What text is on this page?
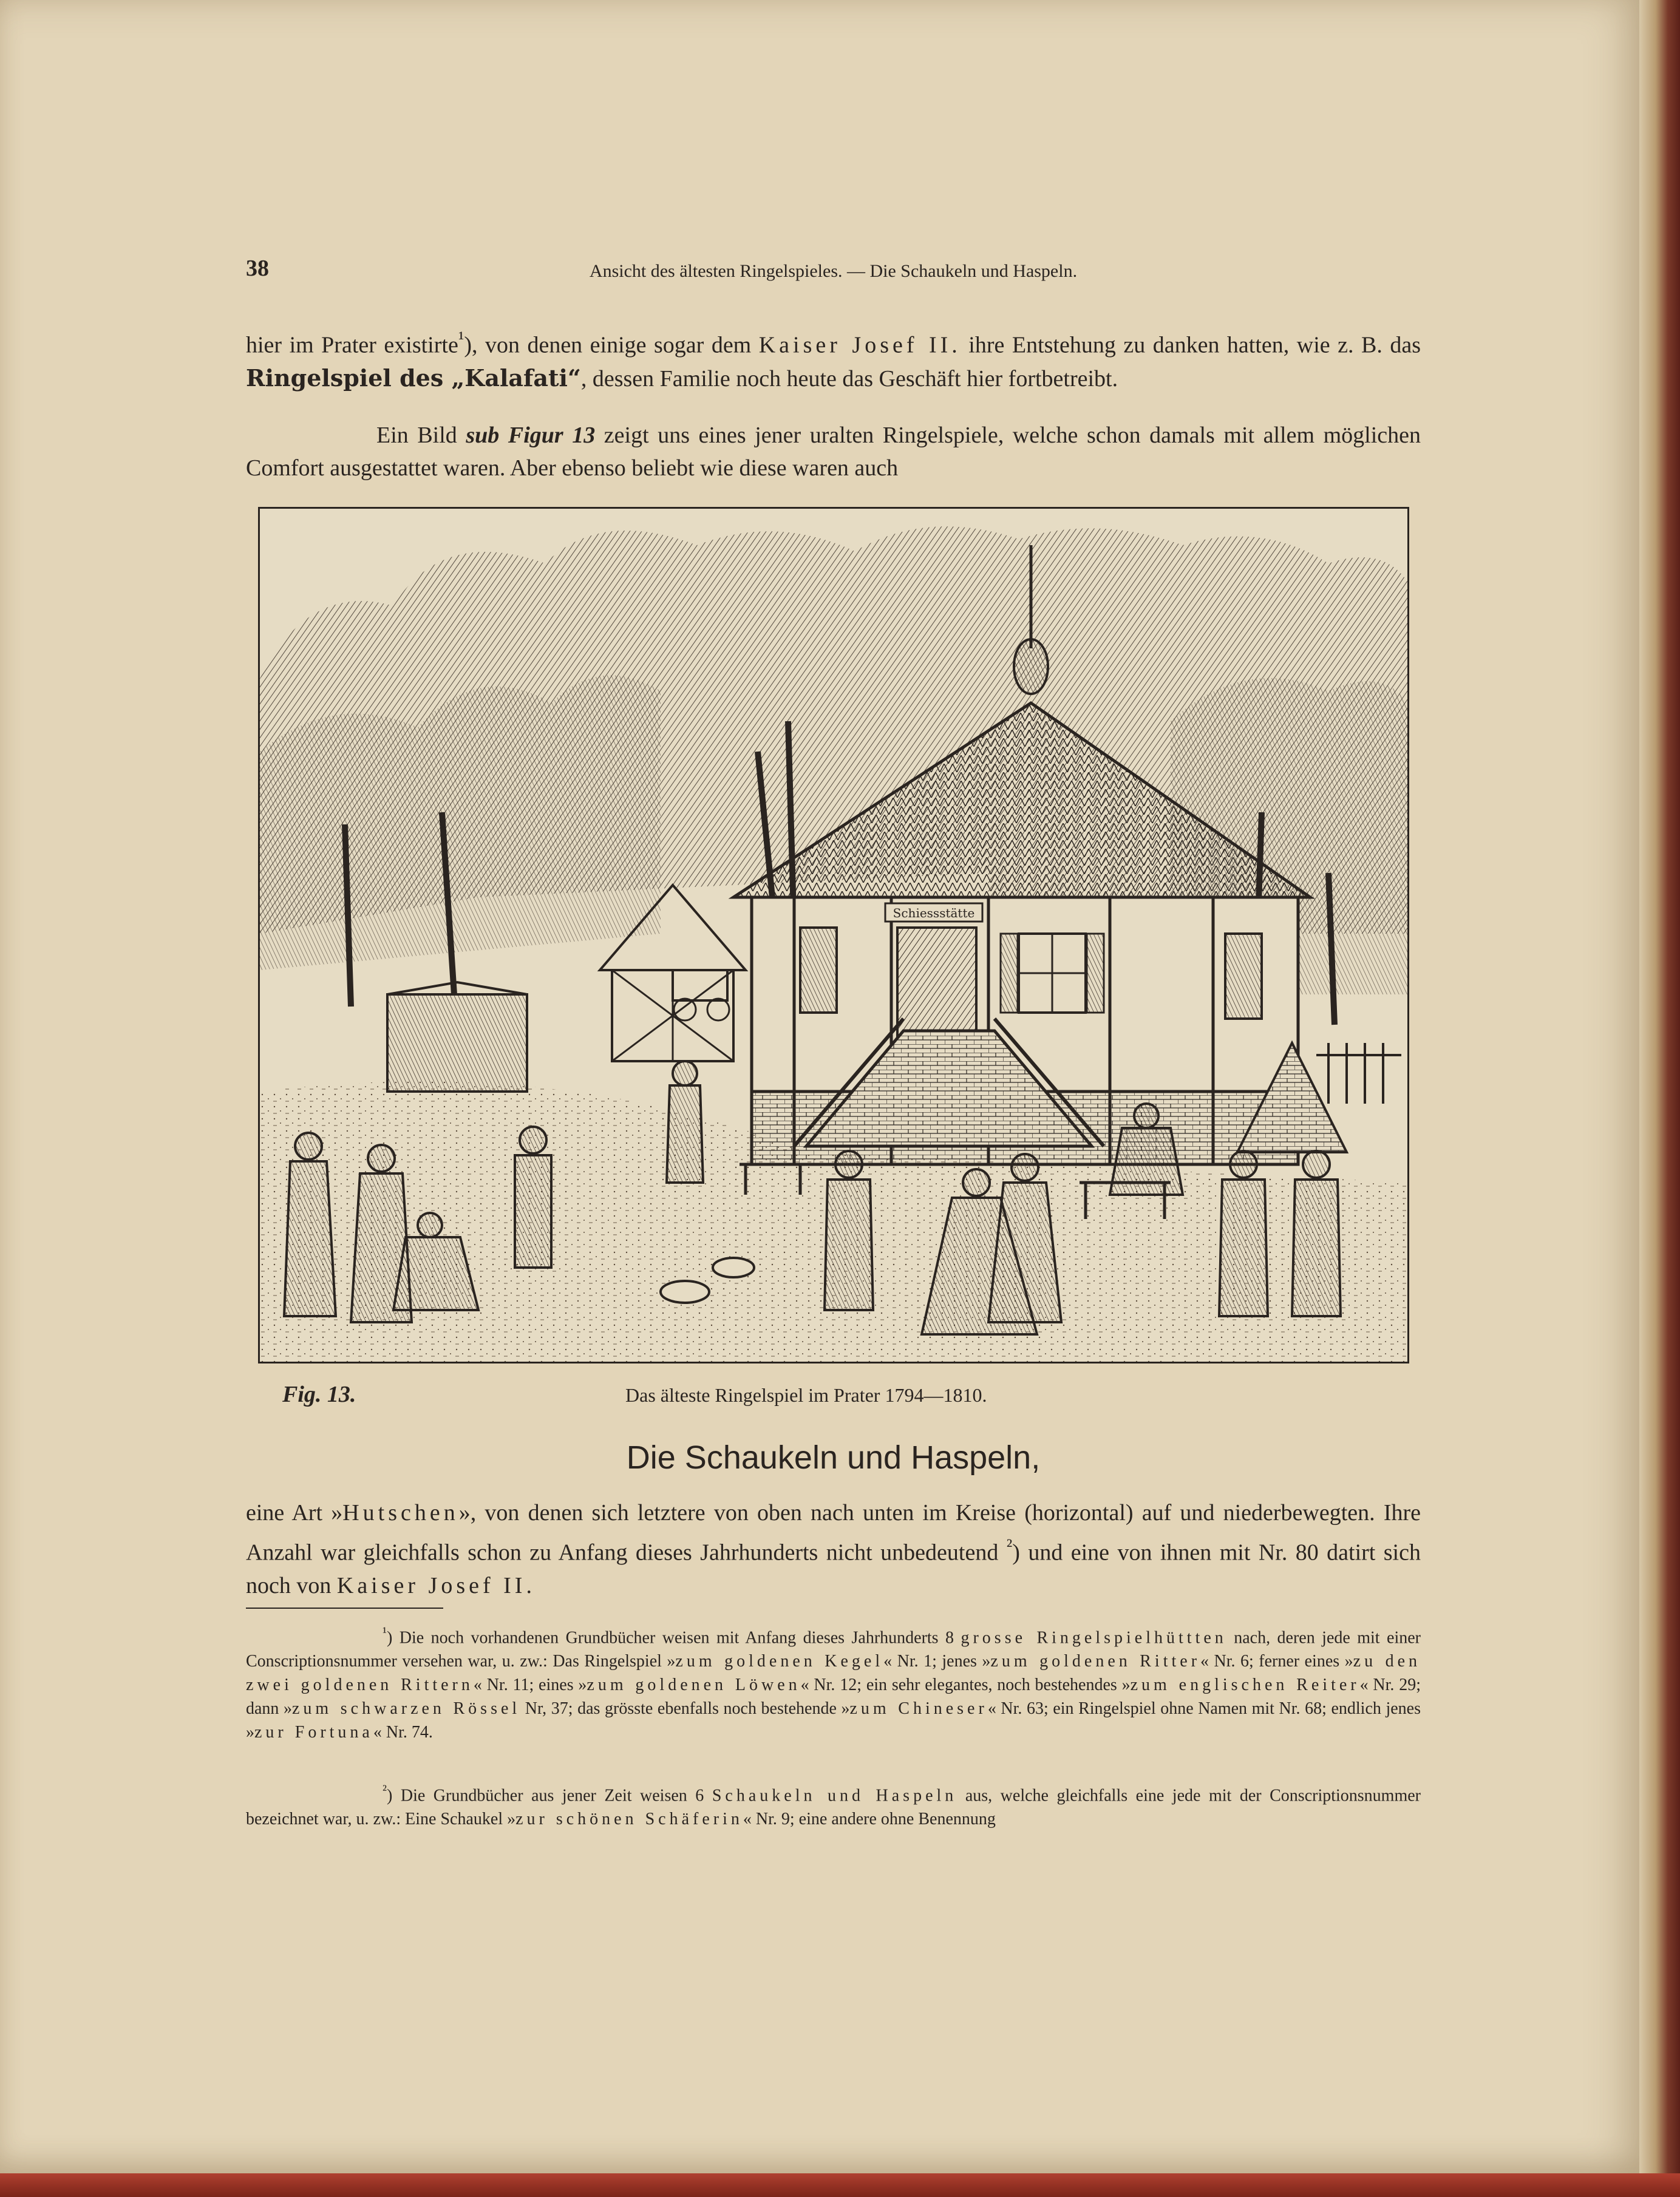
38	Ansicht des ältesten Ringelspieles. — Die Schaukeln und Haspeln.
hier im Prater existirte$^{^1}$), von denen einige sogar dem Kaiser Josef II. ihre Entstehung zu danken hatten, wie z. B. das Ringelspiel des „Kalafati“, dessen Familie noch heute das Geschäft hier fortbetreibt.
Ein Bild sub Figur 13 zeigt uns eines jener uralten Ringelspiele, welche schon damals mit allem möglichen Comfort ausgestattet waren. Aber ebenso beliebt wie diese waren auch
Schiessstätte
Fig. 13.	Das älteste Ringelspiel im Prater 1794—1810.
Die Schaukeln und Haspeln,
eine Art »Hutschen», von denen sich letztere von oben nach unten im Kreise (horizontal) auf und niederbewegten. Ihre Anzahl war gleichfalls schon zu Anfang dieses Jahrhunderts nicht unbedeutend $^{^2}$) und eine von ihnen mit Nr. 80 datirt sich noch von Kaiser Josef II.
$^{^1}$) Die noch vorhandenen Grundbücher weisen mit Anfang dieses Jahrhunderts 8 grosse Ringelspielhüttten nach, deren jede mit einer Conscriptionsnummer versehen war, u. zw.: Das Ringelspiel »zum goldenen Kegel« Nr. 1; jenes »zum goldenen Ritter« Nr. 6; ferner eines »zu den zwei goldenen Rittern« Nr. 11; eines »zum goldenen Löwen« Nr. 12; ein sehr elegantes, noch bestehendes »zum englischen Reiter« Nr. 29; dann »zum schwarzen Rössel Nr, 37; das grösste ebenfalls noch bestehende »zum Chineser« Nr. 63; ein Ringelspiel ohne Namen mit Nr. 68; endlich jenes »zur Fortuna« Nr. 74.
$^{^2}$) Die Grundbücher aus jener Zeit weisen 6 Schaukeln und Haspeln aus, welche gleichfalls eine jede mit der Conscriptionsnummer bezeichnet war, u. zw.: Eine Schaukel »zur schönen Schäferin« Nr. 9; eine andere ohne Benennung
